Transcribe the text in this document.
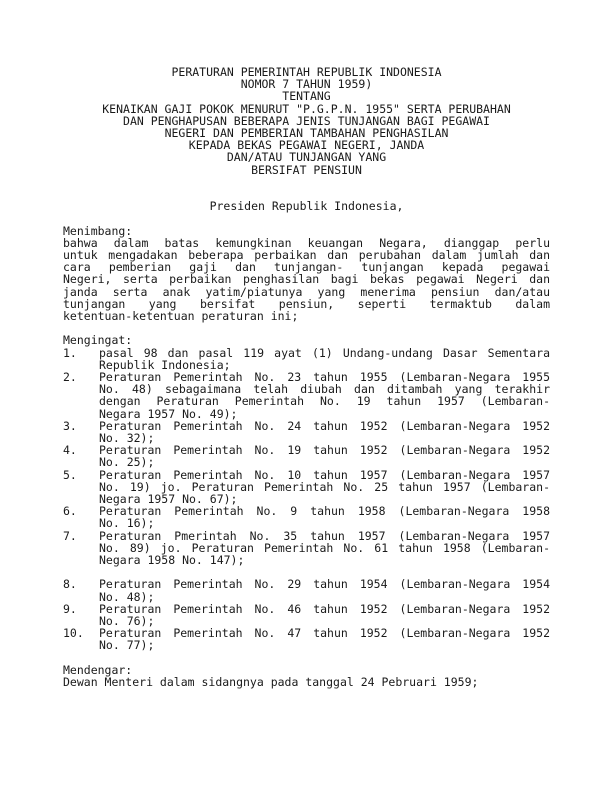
PERATURAN PEMERINTAH REPUBLIK INDONESIA
NOMOR 7 TAHUN 1959)
TENTANG
KENAIKAN GAJI POKOK MENURUT "P.G.P.N. 1955" SERTA PERUBAHAN
DAN PENGHAPUSAN BEBERAPA JENIS TUNJANGAN BAGI PEGAWAI
NEGERI DAN PEMBERIAN TAMBAHAN PENGHASILAN
KEPADA BEKAS PEGAWAI NEGERI, JANDA
DAN/ATAU TUNJANGAN YANG
BERSIFAT PENSIUN
Presiden Republik Indonesia,
Menimbang:
bahwa dalam batas kemungkinan keuangan Negara, dianggap perlu
untuk mengadakan beberapa perbaikan dan perubahan dalam jumlah dan
cara pemberian gaji dan tunjangan- tunjangan kepada pegawai
Negeri, serta perbaikan penghasilan bagi bekas pegawai Negeri dan
janda serta anak yatim/piatunya yang menerima pensiun dan/atau
tunjangan yang bersifat pensiun, seperti termaktub dalam
ketentuan-ketentuan peraturan ini;
Mengingat:
1.	pasal 98 dan pasal 119 ayat (1) Undang-undang Dasar Sementara
Republik Indonesia;
2.	Peraturan Pemerintah No. 23 tahun 1955 (Lembaran-Negara 1955
No. 48) sebagaimana telah diubah dan ditambah yang terakhir
dengan Peraturan Pemerintah No. 19 tahun 1957 (Lembaran-
Negara 1957 No. 49);
3.	Peraturan Pemerintah No. 24 tahun 1952 (Lembaran-Negara 1952
No. 32);
4.	Peraturan Pemerintah No. 19 tahun 1952 (Lembaran-Negara 1952
No. 25);
5.	Peraturan Pemerintah No. 10 tahun 1957 (Lembaran-Negara 1957
No. 19) jo. Peraturan Pemerintah No. 25 tahun 1957 (Lembaran-
Negara 1957 No. 67);
6.	Peraturan Pemerintah No. 9 tahun 1958 (Lembaran-Negara 1958
No. 16);
7.	Peraturan Pmerintah No. 35 tahun 1957 (Lembaran-Negara 1957
No. 89) jo. Peraturan Pemerintah No. 61 tahun 1958 (Lembaran-
Negara 1958 No. 147);
8.	Peraturan Pemerintah No. 29 tahun 1954 (Lembaran-Negara 1954
No. 48);
9.	Peraturan Pemerintah No. 46 tahun 1952 (Lembaran-Negara 1952
No. 76);
10.	Peraturan Pemerintah No. 47 tahun 1952 (Lembaran-Negara 1952
No. 77);
Mendengar:
Dewan Menteri dalam sidangnya pada tanggal 24 Pebruari 1959;
